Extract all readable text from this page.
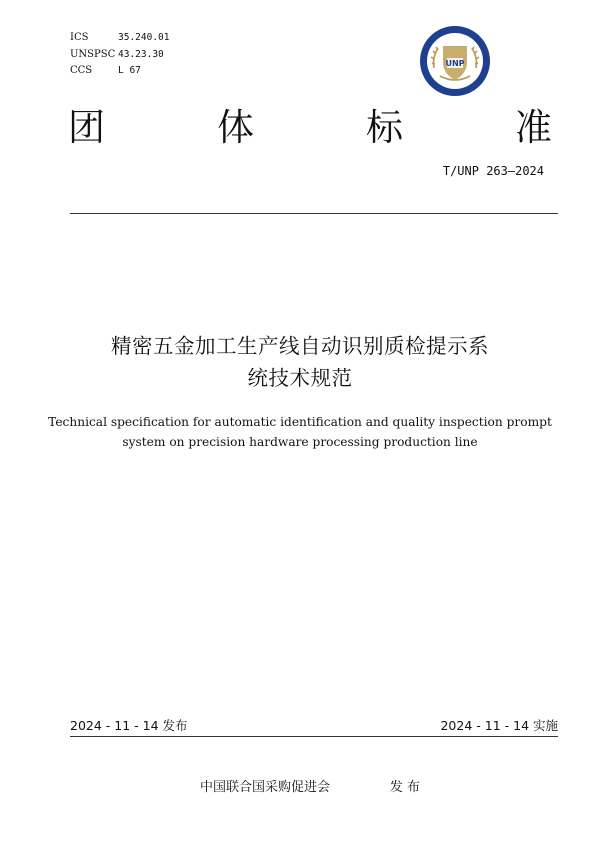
ICS	35.240.01
UNSPSC 43.23.30
CCS	L 67
UNP
团	体	标	准
T/UNP 263—2024
精密五金加工生产线自动识别质检提示系
统技术规范
Technical specification for automatic identification and quality inspection prompt
system on precision hardware processing production line
2024 - 11 - 14 发布	2024 - 11 - 14 实施
中国联合国采购促进会	发 布
